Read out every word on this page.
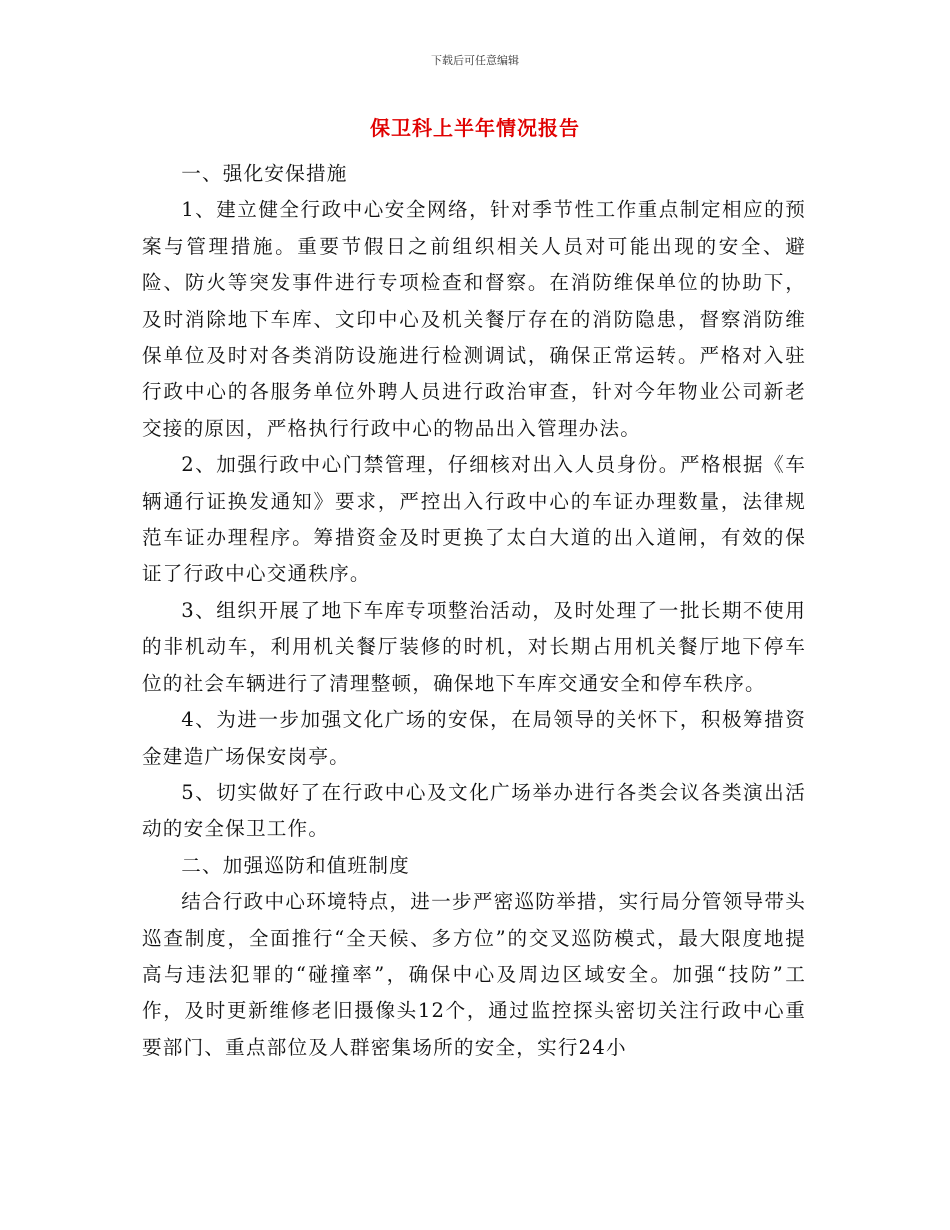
下载后可任意编辑
保卫科上半年情况报告

一、强化安保措施

1、建立健全行政中心安全网络，针对季节性工作重点制定相应的预案与管理措施。重要节假日之前组织相关人员对可能出现的安全、避险、防火等突发事件进行专项检查和督察。在消防维保单位的协助下，及时消除地下车库、文印中心及机关餐厅存在的消防隐患，督察消防维保单位及时对各类消防设施进行检测调试，确保正常运转。严格对入驻行政中心的各服务单位外聘人员进行政治审查，针对今年物业公司新老交接的原因，严格执行行政中心的物品出入管理办法。

2、加强行政中心门禁管理，仔细核对出入人员身份。严格根据《车辆通行证换发通知》要求，严控出入行政中心的车证办理数量，法律规范车证办理程序。筹措资金及时更换了太白大道的出入道闸，有效的保证了行政中心交通秩序。

3、组织开展了地下车库专项整治活动，及时处理了一批长期不使用的非机动车，利用机关餐厅装修的时机，对长期占用机关餐厅地下停车位的社会车辆进行了清理整顿，确保地下车库交通安全和停车秩序。

4、为进一步加强文化广场的安保，在局领导的关怀下，积极筹措资金建造广场保安岗亭。

5、切实做好了在行政中心及文化广场举办进行各类会议各类演出活动的安全保卫工作。

二、加强巡防和值班制度

结合行政中心环境特点，进一步严密巡防举措，实行局分管领导带头巡查制度，全面推行“全天候、多方位”的交叉巡防模式，最大限度地提高与违法犯罪的“碰撞率”，确保中心及周边区域安全。加强“技防”工作，及时更新维修老旧摄像头12个，通过监控探头密切关注行政中心重要部门、重点部位及人群密集场所的安全，实行24小
